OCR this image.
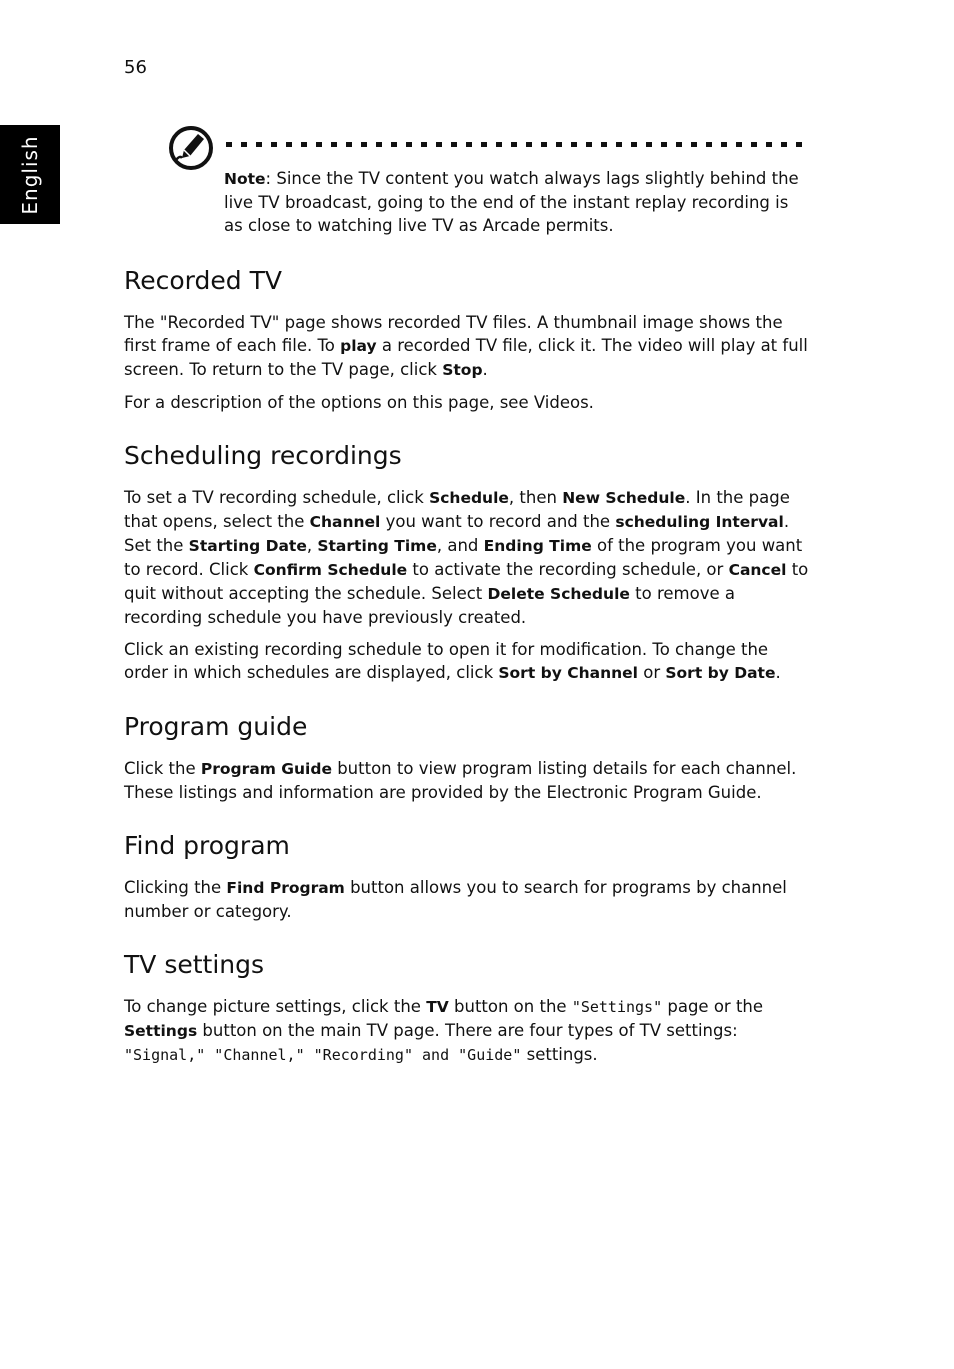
56
English	Note: Since the TV content you watch always lags slightly behind the live TV broadcast, going to the end of the instant replay recording is as close to watching live TV as Arcade permits.

Recorded TV

The "Recorded TV" page shows recorded TV files. A thumbnail image shows the first frame of each file. To play a recorded TV file, click it. The video will play at full screen. To return to the TV page, click Stop.

For a description of the options on this page, see Videos.

Scheduling recordings

To set a TV recording schedule, click Schedule, then New Schedule. In the page that opens, select the Channel you want to record and the scheduling Interval. Set the Starting Date, Starting Time, and Ending Time of the program you want to record. Click Confirm Schedule to activate the recording schedule, or Cancel to quit without accepting the schedule. Select Delete Schedule to remove a recording schedule you have previously created.

Click an existing recording schedule to open it for modification. To change the order in which schedules are displayed, click Sort by Channel or Sort by Date.

Program guide

Click the Program Guide button to view program listing details for each channel. These listings and information are provided by the Electronic Program Guide.

Find program

Clicking the Find Program button allows you to search for programs by channel number or category.

TV settings

To change picture settings, click the TV button on the "Settings" page or the Settings button on the main TV page. There are four types of TV settings: "Signal," "Channel," "Recording" and "Guide" settings.
